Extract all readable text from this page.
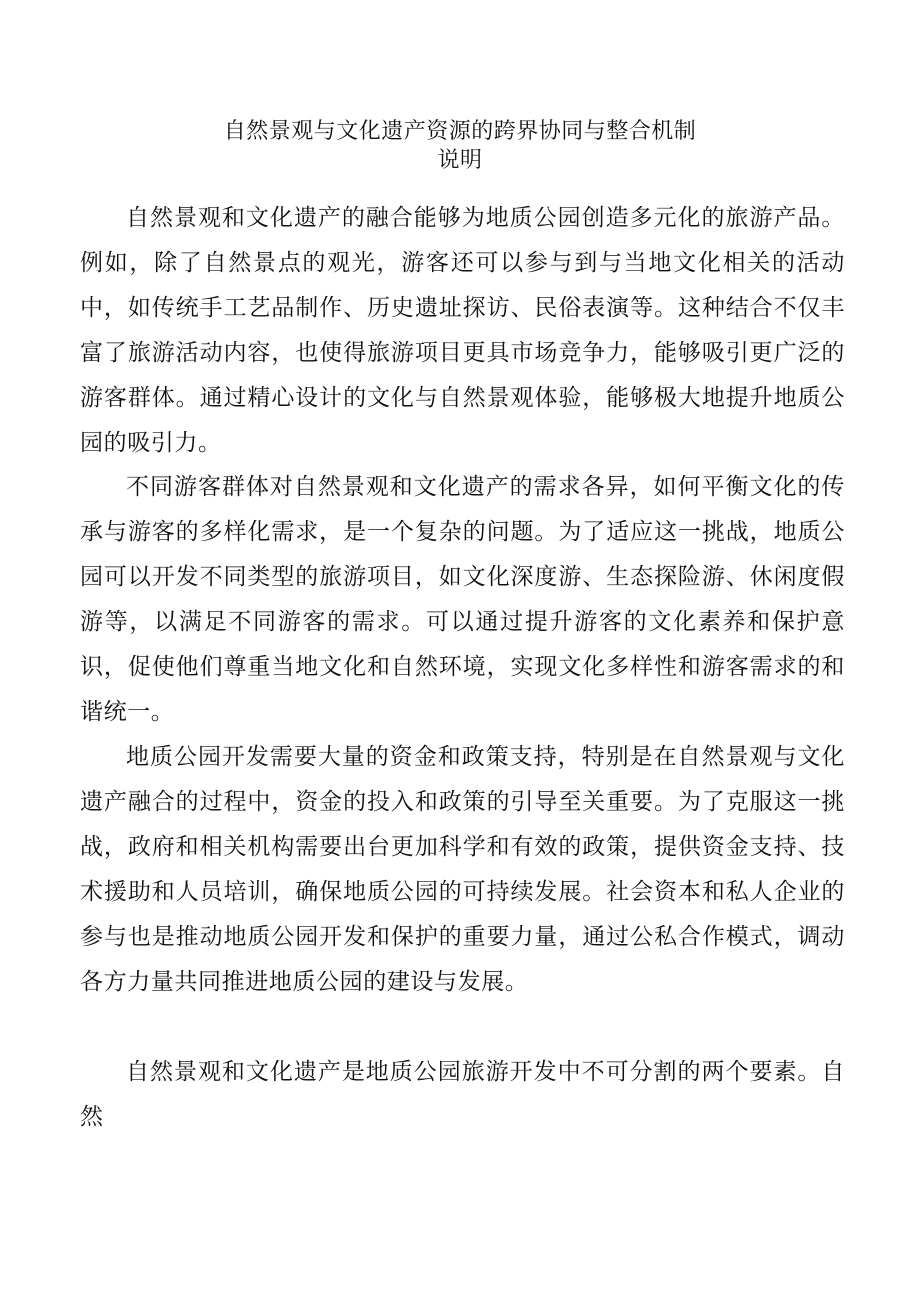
自然景观与文化遗产资源的跨界协同与整合机制
说明

自然景观和文化遗产的融合能够为地质公园创造多元化的旅游产品。例如，除了自然景点的观光，游客还可以参与到与当地文化相关的活动中，如传统手工艺品制作、历史遗址探访、民俗表演等。这种结合不仅丰富了旅游活动内容，也使得旅游项目更具市场竞争力，能够吸引更广泛的游客群体。通过精心设计的文化与自然景观体验，能够极大地提升地质公园的吸引力。

不同游客群体对自然景观和文化遗产的需求各异，如何平衡文化的传承与游客的多样化需求，是一个复杂的问题。为了适应这一挑战，地质公园可以开发不同类型的旅游项目，如文化深度游、生态探险游、休闲度假游等，以满足不同游客的需求。可以通过提升游客的文化素养和保护意识，促使他们尊重当地文化和自然环境，实现文化多样性和游客需求的和谐统一。

地质公园开发需要大量的资金和政策支持，特别是在自然景观与文化遗产融合的过程中，资金的投入和政策的引导至关重要。为了克服这一挑战，政府和相关机构需要出台更加科学和有效的政策，提供资金支持、技术援助和人员培训，确保地质公园的可持续发展。社会资本和私人企业的参与也是推动地质公园开发和保护的重要力量，通过公私合作模式，调动各方力量共同推进地质公园的建设与发展。

自然景观和文化遗产是地质公园旅游开发中不可分割的两个要素。自然
